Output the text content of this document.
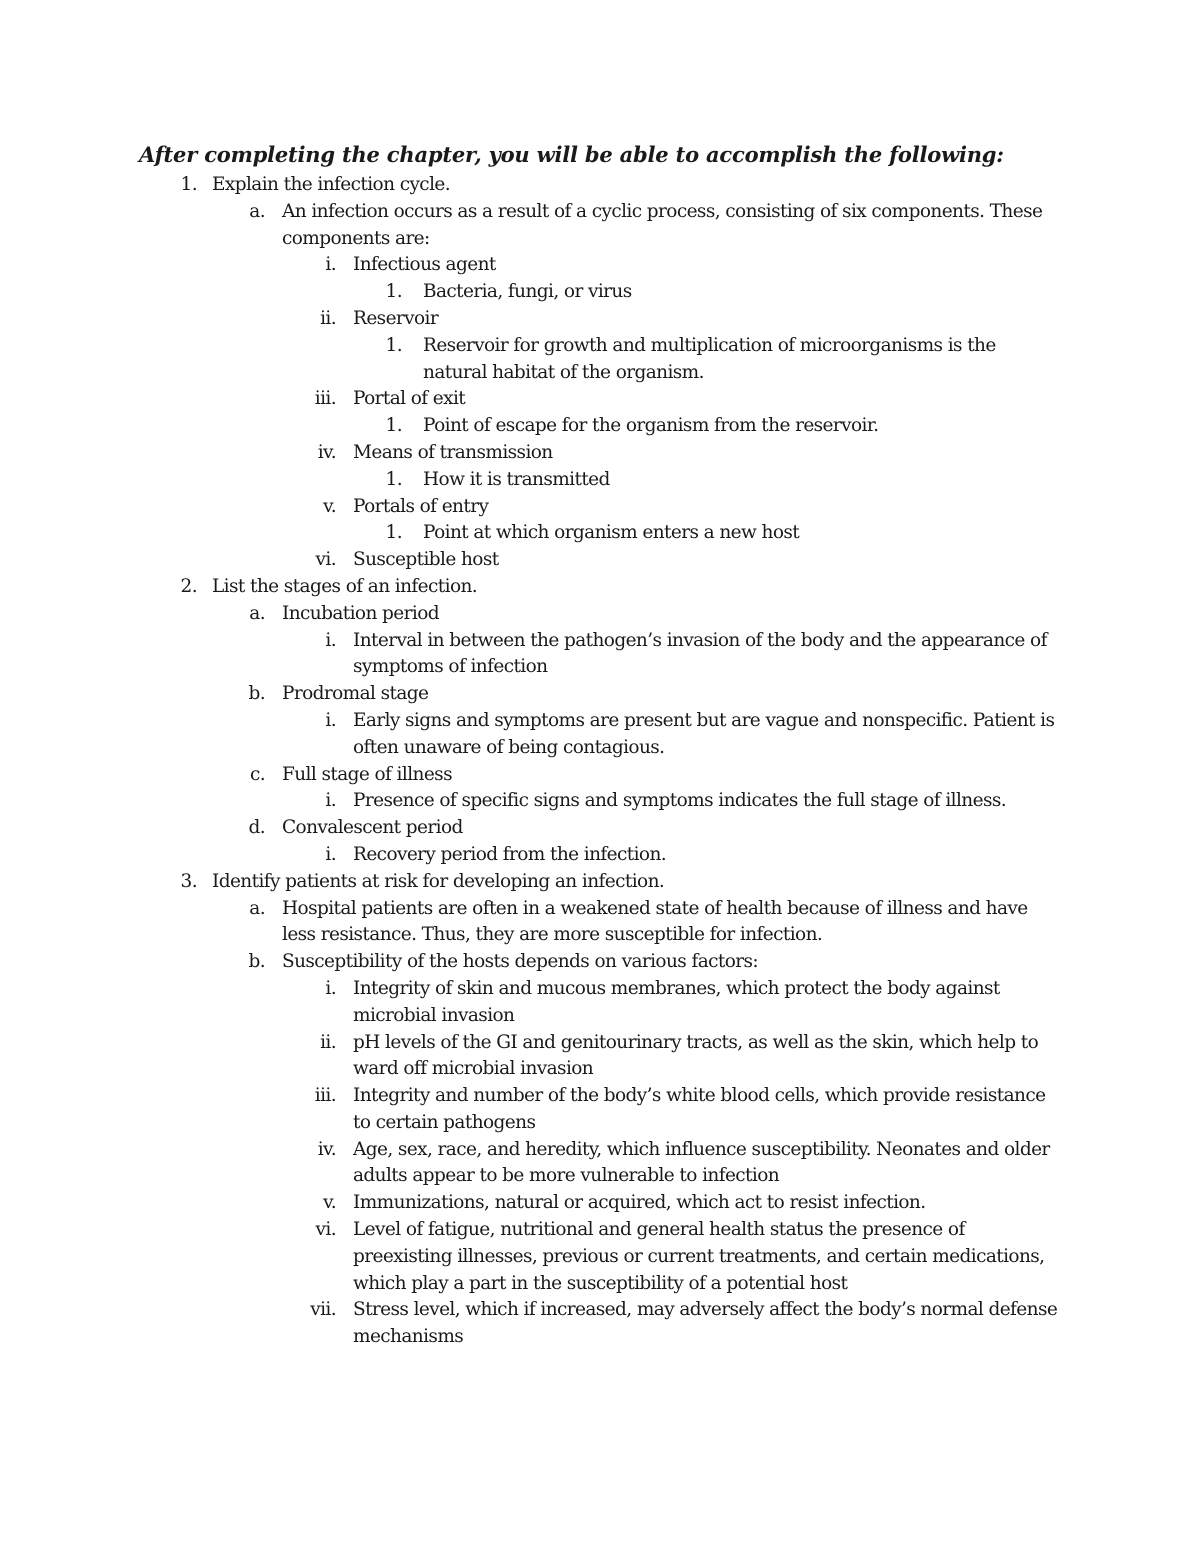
After completing the chapter, you will be able to accomplish the following:

1. Explain the infection cycle.
a. An infection occurs as a result of a cyclic process, consisting of six components. These components are:
i. Infectious agent
1. Bacteria, fungi, or virus
ii. Reservoir
1. Reservoir for growth and multiplication of microorganisms is the natural habitat of the organism.
iii. Portal of exit
1. Point of escape for the organism from the reservoir.
iv. Means of transmission
1. How it is transmitted
v. Portals of entry
1. Point at which organism enters a new host
vi. Susceptible host
2. List the stages of an infection.
a. Incubation period
i. Interval in between the pathogen’s invasion of the body and the appearance of symptoms of infection
b. Prodromal stage
i. Early signs and symptoms are present but are vague and nonspecific. Patient is often unaware of being contagious.
c. Full stage of illness
i. Presence of specific signs and symptoms indicates the full stage of illness.
d. Convalescent period
i. Recovery period from the infection.
3. Identify patients at risk for developing an infection.
a. Hospital patients are often in a weakened state of health because of illness and have less resistance. Thus, they are more susceptible for infection.
b. Susceptibility of the hosts depends on various factors:
i. Integrity of skin and mucous membranes, which protect the body against microbial invasion
ii. pH levels of the GI and genitourinary tracts, as well as the skin, which help to ward off microbial invasion
iii. Integrity and number of the body’s white blood cells, which provide resistance to certain pathogens
iv. Age, sex, race, and heredity, which influence susceptibility. Neonates and older adults appear to be more vulnerable to infection
v. Immunizations, natural or acquired, which act to resist infection.
vi. Level of fatigue, nutritional and general health status the presence of preexisting illnesses, previous or current treatments, and certain medications, which play a part in the susceptibility of a potential host
vii. Stress level, which if increased, may adversely affect the body’s normal defense mechanisms
